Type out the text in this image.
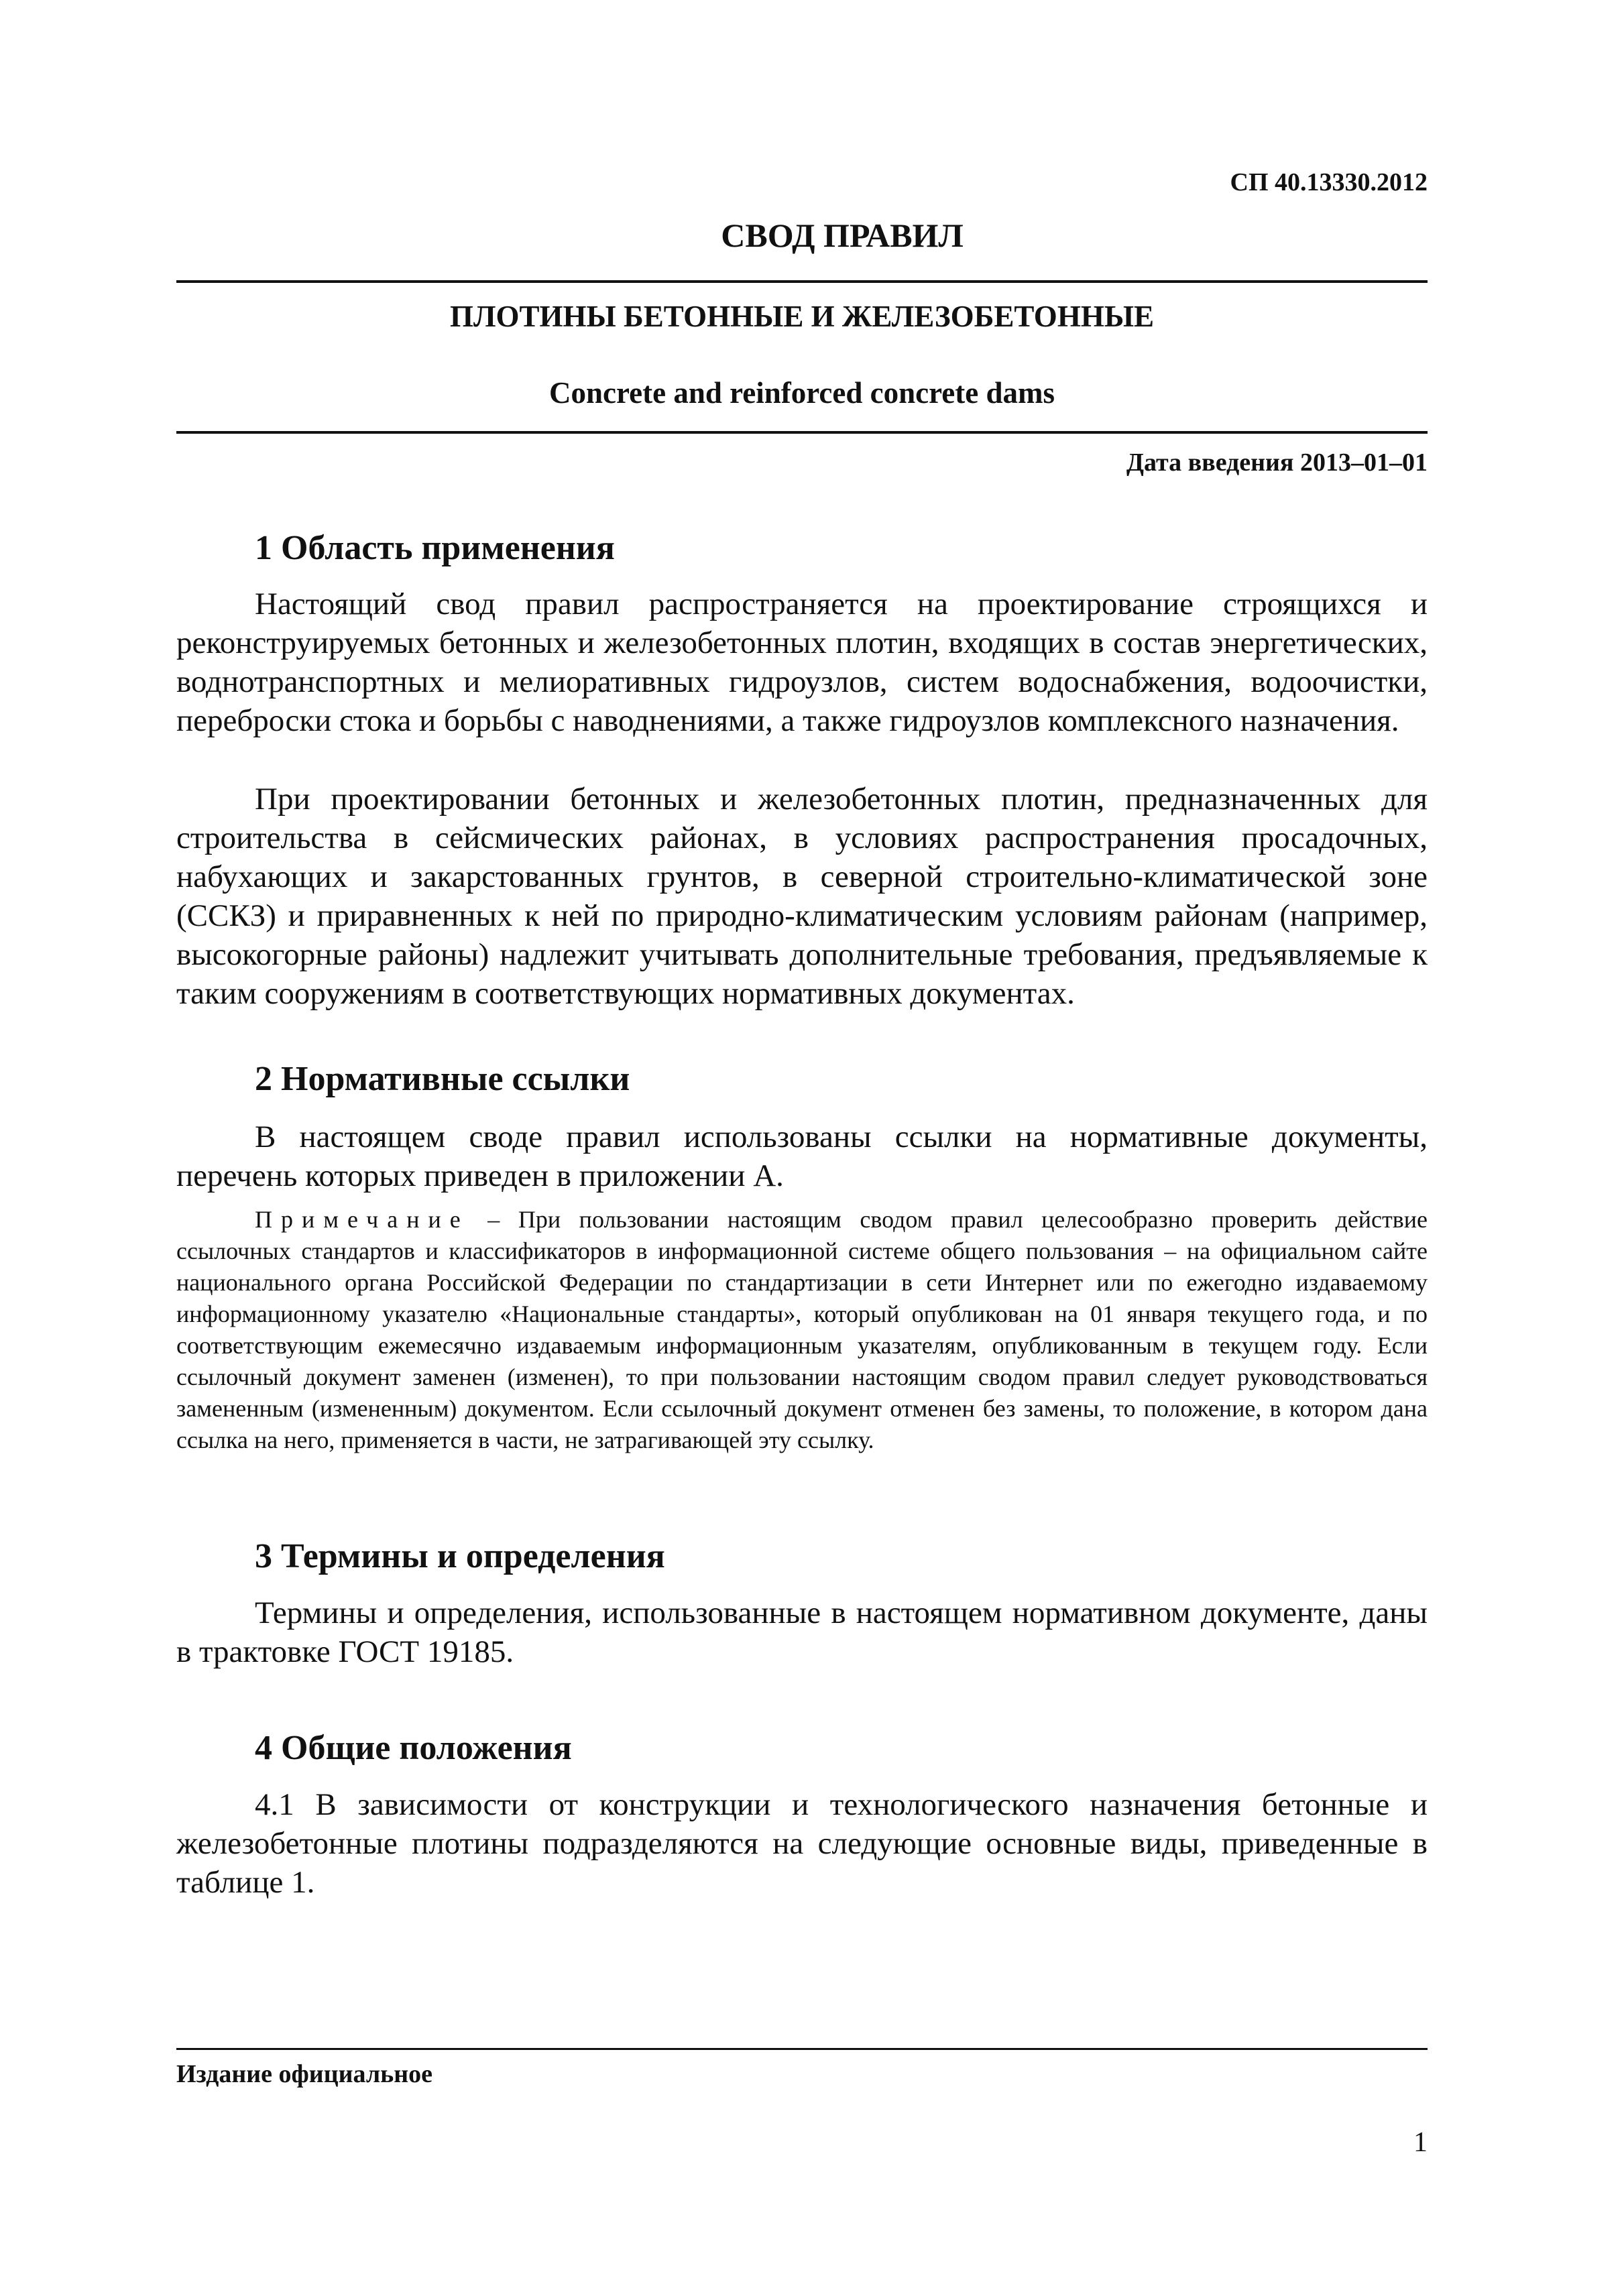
СП 40.13330.2012
СВОД ПРАВИЛ
ПЛОТИНЫ БЕТОННЫЕ И ЖЕЛЕЗОБЕТОННЫЕ
Concrete and reinforced concrete dams
Дата введения 2013–01–01
1 Область применения
Настоящий свод правил распространяется на проектирование строящихся и реконструируемых бетонных и железобетонных плотин, входящих в состав энергетических, воднотранспортных и мелиоративных гидроузлов, систем водоснабжения, водоочистки, переброски стока и борьбы с наводнениями, а также гидроузлов комплексного назначения.
При проектировании бетонных и железобетонных плотин, предназначенных для строительства в сейсмических районах, в условиях распространения просадочных, набухающих и закарстованных грунтов, в северной строительно-климатической зоне (ССКЗ) и приравненных к ней по природно-климатическим условиям районам (например, высокогорные районы) надлежит учитывать дополнительные требования, предъявляемые к таким сооружениям в соответствующих нормативных документах.
2 Нормативные ссылки
В настоящем своде правил использованы ссылки на нормативные документы, перечень которых приведен в приложении А.
Примечание – При пользовании настоящим сводом правил целесообразно проверить действие ссылочных стандартов и классификаторов в информационной системе общего пользования – на официальном сайте национального органа Российской Федерации по стандартизации в сети Интернет или по ежегодно издаваемому информационному указателю «Национальные стандарты», который опубликован на 01 января текущего года, и по соответствующим ежемесячно издаваемым информационным указателям, опубликованным в текущем году. Если ссылочный документ заменен (изменен), то при пользовании настоящим сводом правил следует руководствоваться замененным (измененным) документом. Если ссылочный документ отменен без замены, то положение, в котором дана ссылка на него, применяется в части, не затрагивающей эту ссылку.
3 Термины и определения
Термины и определения, использованные в настоящем нормативном документе, даны в трактовке ГОСТ 19185.
4 Общие положения
4.1 В зависимости от конструкции и технологического назначения бетонные и железобетонные плотины подразделяются на следующие основные виды, приведенные в таблице 1.
Издание официальное
1
